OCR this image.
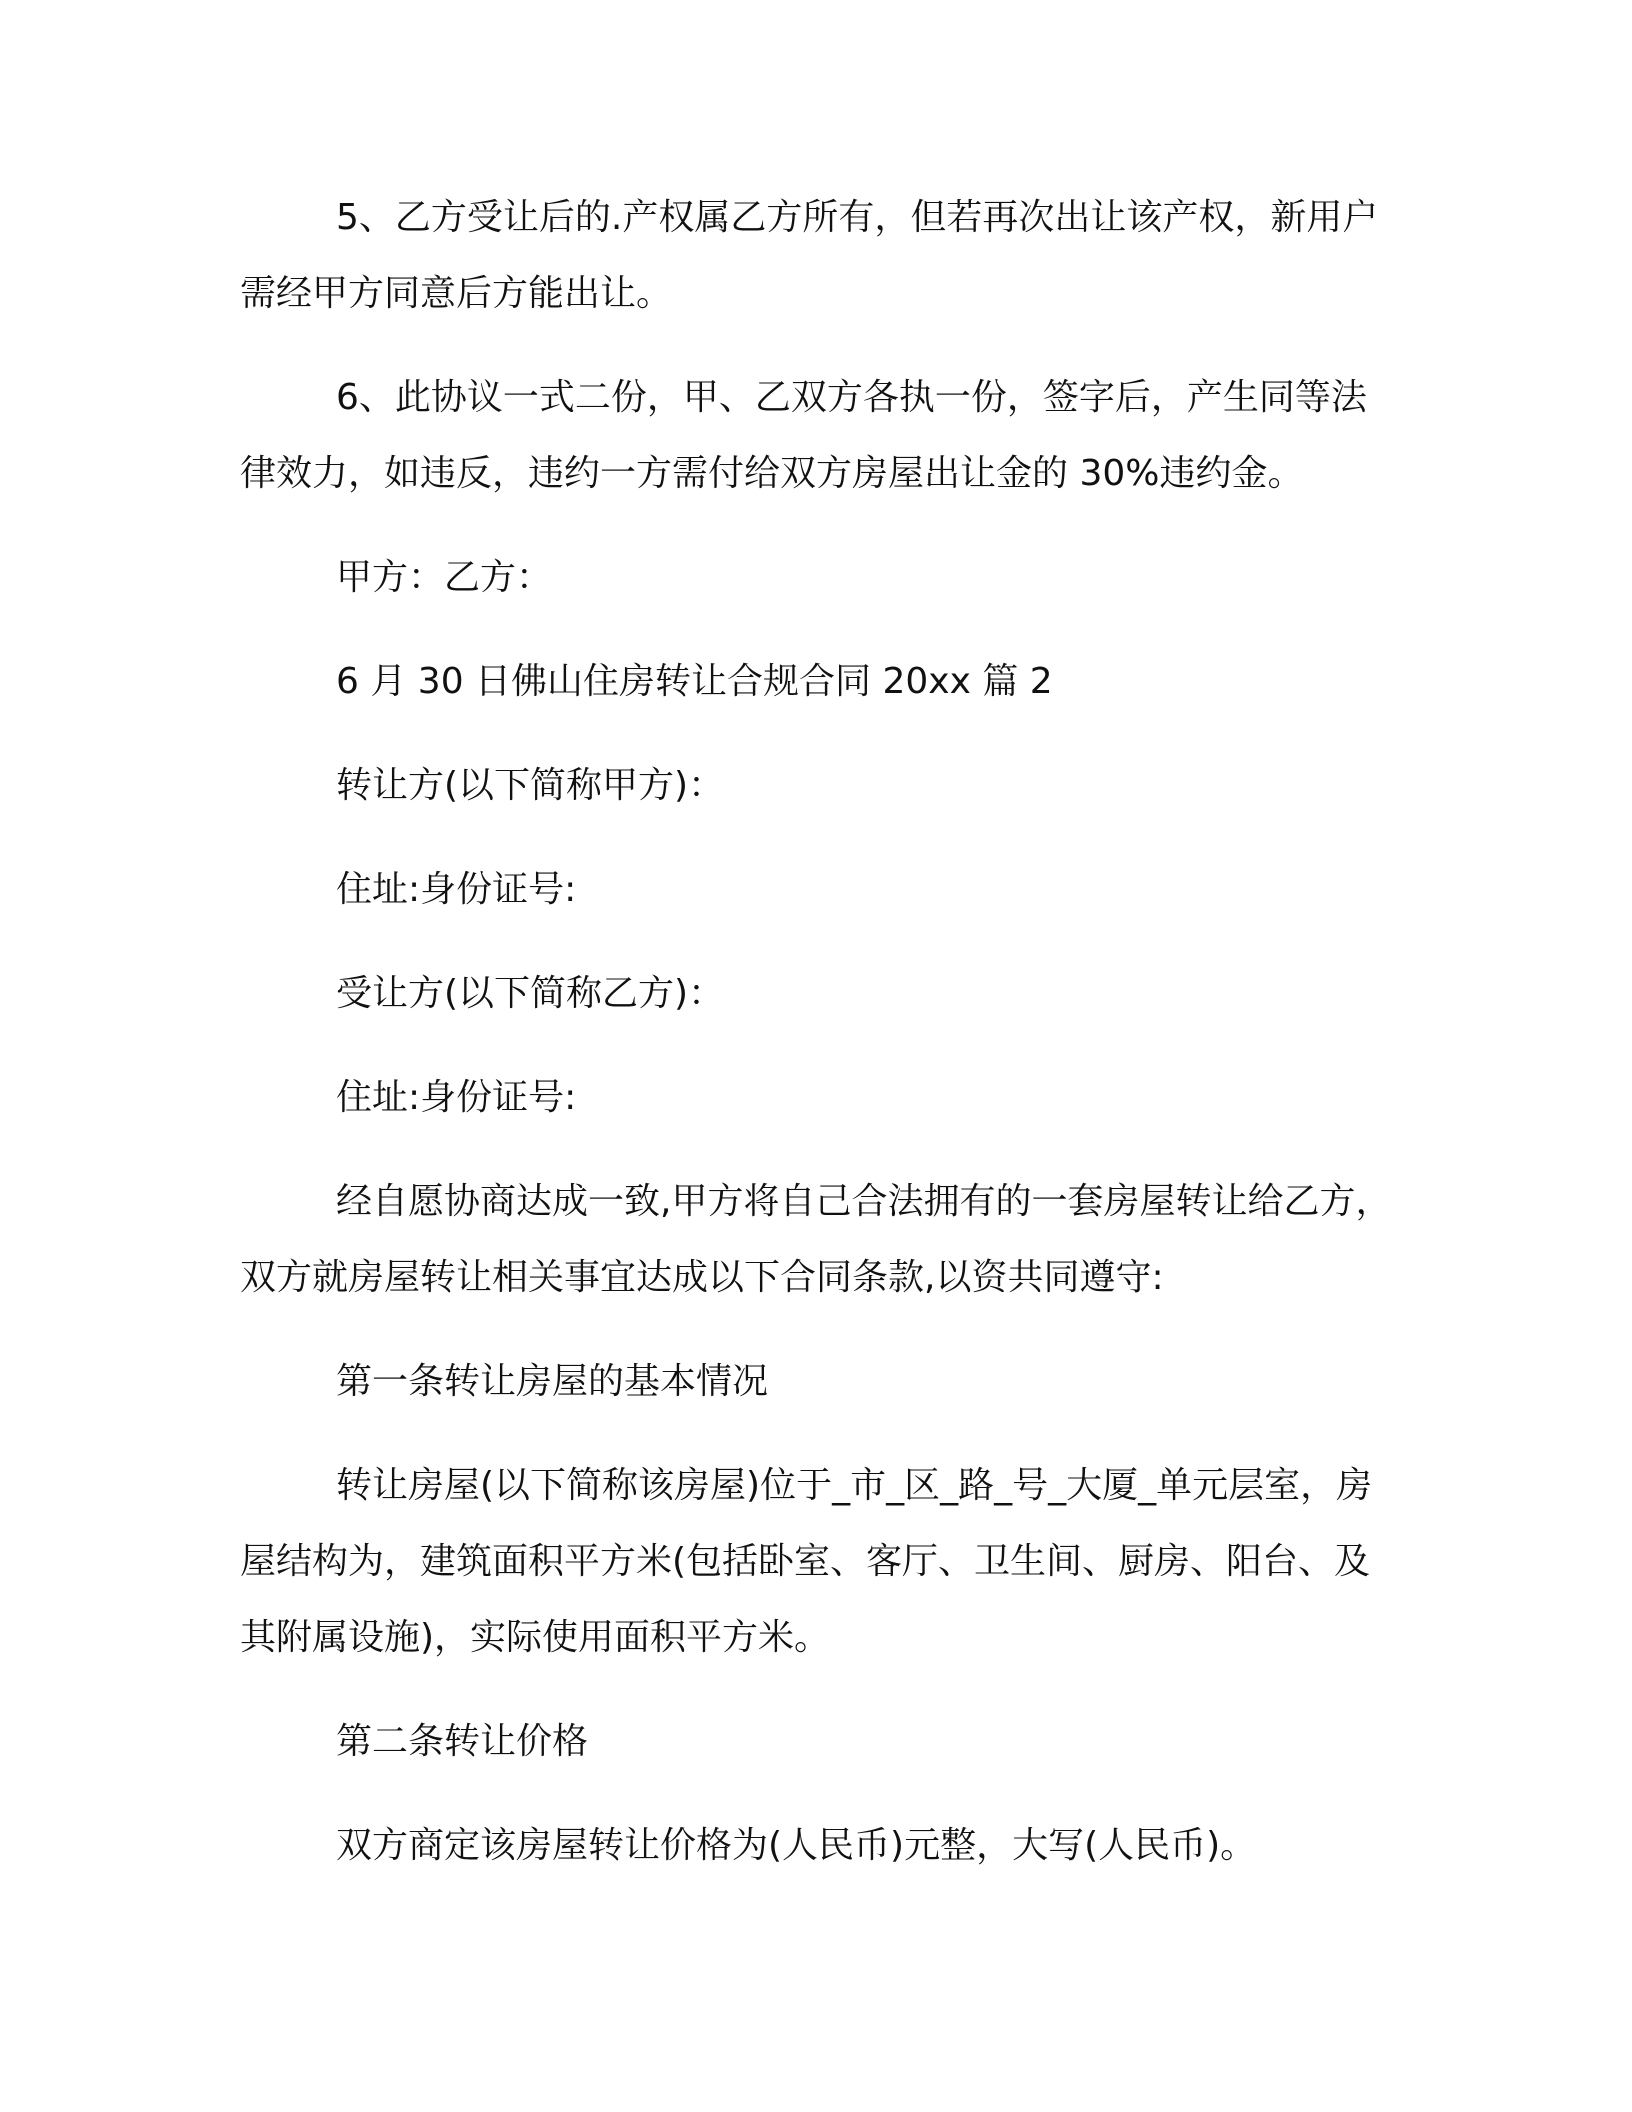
5、乙方受让后的.产权属乙方所有，但若再次出让该产权，新用户需经甲方同意后方能出让。

6、此协议一式二份，甲、乙双方各执一份，签字后，产生同等法律效力，如违反，违约一方需付给双方房屋出让金的 30%违约金。

甲方：乙方：

6 月 30 日佛山住房转让合规合同 20xx 篇 2

转让方(以下简称甲方)：

住址:身份证号:

受让方(以下简称乙方)：

住址:身份证号:

经自愿协商达成一致,甲方将自己合法拥有的一套房屋转让给乙方，双方就房屋转让相关事宜达成以下合同条款,以资共同遵守:

第一条转让房屋的基本情况

转让房屋(以下简称该房屋)位于_市_区_路_号_大厦_单元层室，房屋结构为，建筑面积平方米(包括卧室、客厅、卫生间、厨房、阳台、及其附属设施)，实际使用面积平方米。

第二条转让价格

双方商定该房屋转让价格为(人民币)元整，大写(人民币)。
